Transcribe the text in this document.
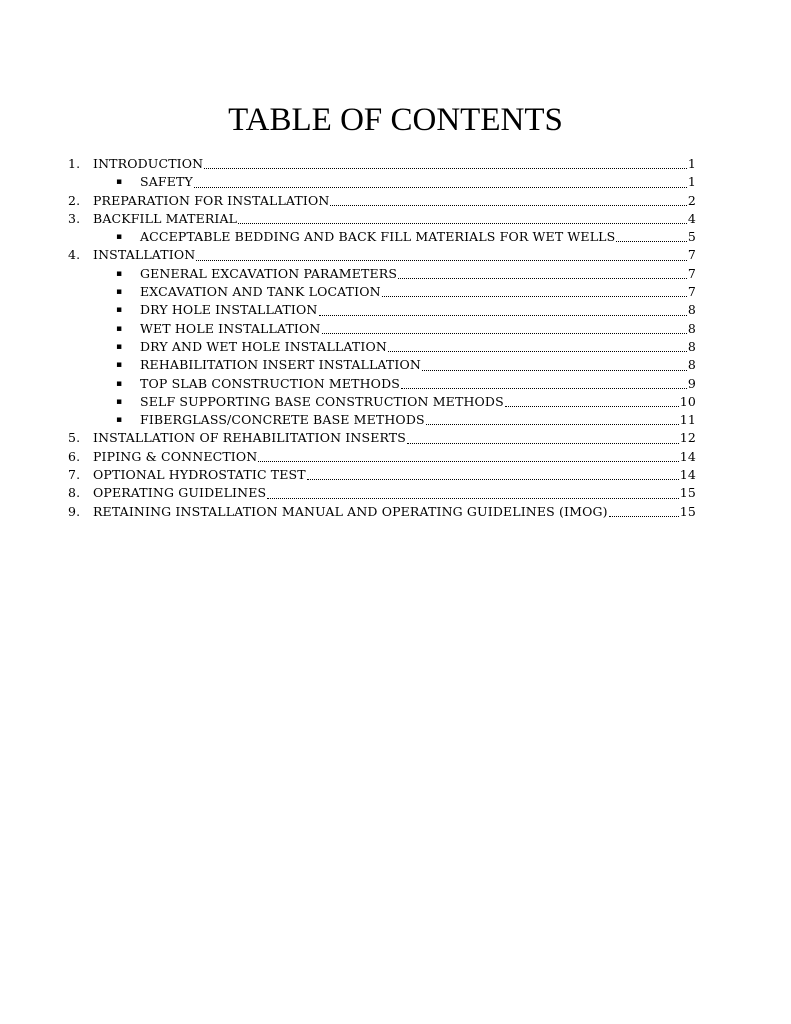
TABLE OF CONTENTS
1.	INTRODUCTION	1
▪	SAFETY	1
2.	PREPARATION FOR INSTALLATION	2
3.	BACKFILL MATERIAL	4
▪	ACCEPTABLE BEDDING AND BACK FILL MATERIALS FOR WET WELLS	5
4.	INSTALLATION	7
▪	GENERAL EXCAVATION PARAMETERS	7
▪	EXCAVATION AND TANK LOCATION	7
▪	DRY HOLE INSTALLATION	8
▪	WET HOLE INSTALLATION	8
▪	DRY AND WET HOLE INSTALLATION	8
▪	REHABILITATION INSERT INSTALLATION	8
▪	TOP SLAB CONSTRUCTION METHODS	9
▪	SELF SUPPORTING BASE CONSTRUCTION METHODS	10
▪	FIBERGLASS/CONCRETE BASE METHODS	11
5.	INSTALLATION OF REHABILITATION INSERTS	12
6.	PIPING & CONNECTION	14
7.	OPTIONAL HYDROSTATIC TEST	14
8.	OPERATING GUIDELINES	15
9.	RETAINING INSTALLATION MANUAL AND OPERATING GUIDELINES (IMOG)	15
